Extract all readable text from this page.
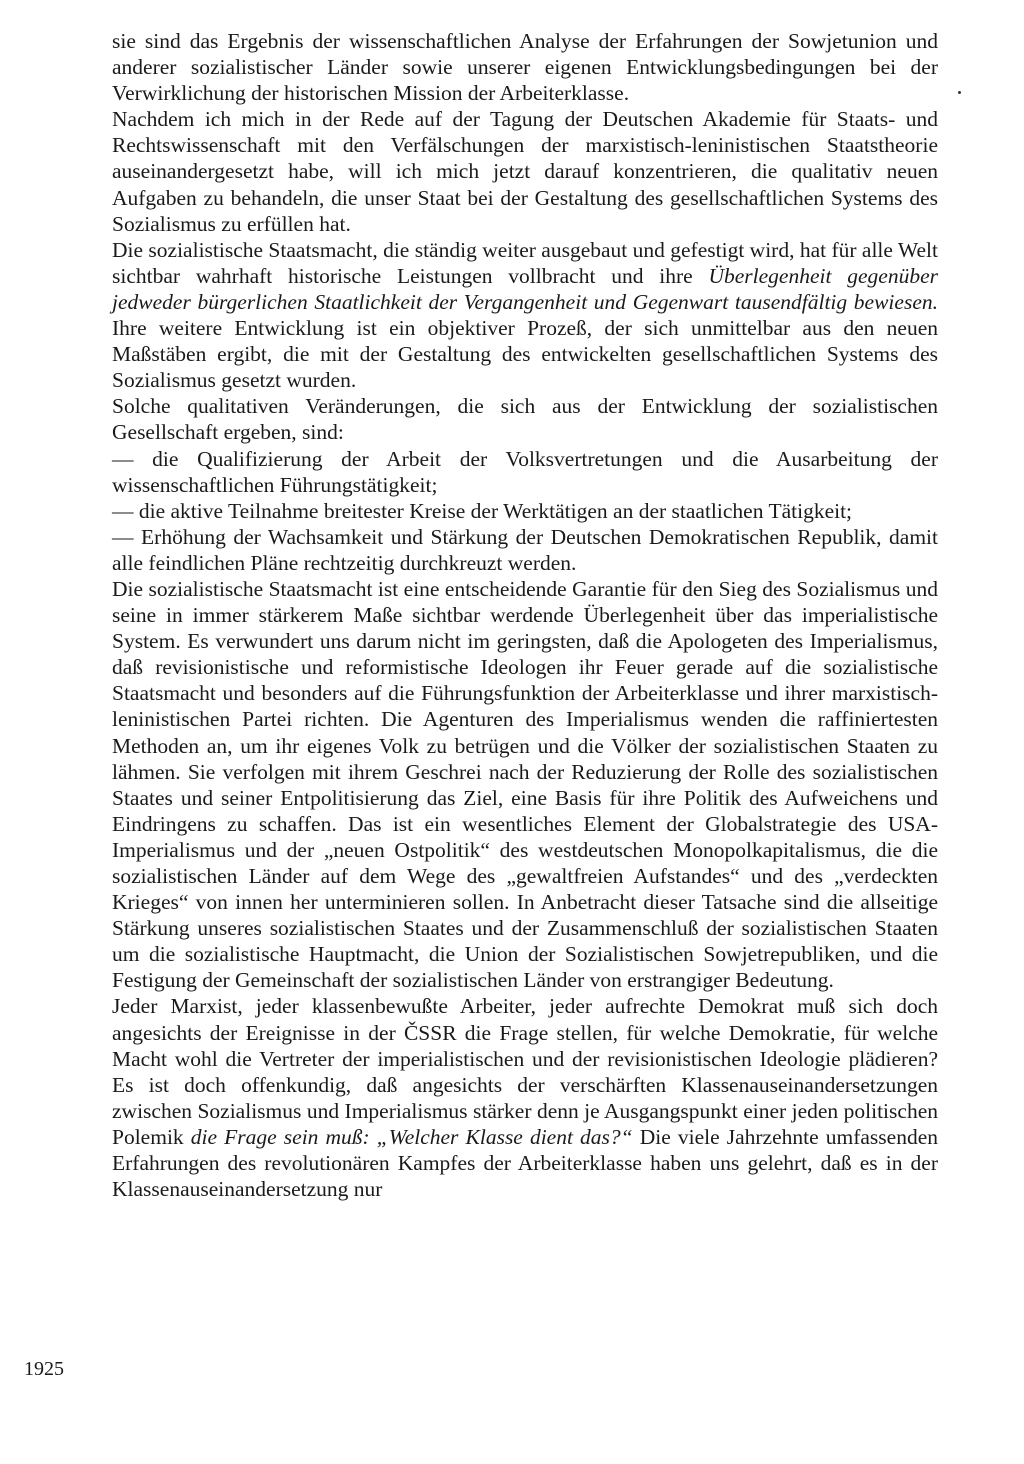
sie sind das Ergebnis der wissenschaftlichen Analyse der Erfahrungen der Sowjetunion und anderer sozialistischer Länder sowie unserer eigenen Entwicklungsbedingungen bei der Verwirklichung der historischen Mission der Arbeiterklasse.

Nachdem ich mich in der Rede auf der Tagung der Deutschen Akademie für Staats- und Rechtswissenschaft mit den Verfälschungen der marxistisch-leninistischen Staatstheorie auseinandergesetzt habe, will ich mich jetzt darauf konzentrieren, die qualitativ neuen Aufgaben zu behandeln, die unser Staat bei der Gestaltung des gesellschaftlichen Systems des Sozialismus zu erfüllen hat.

Die sozialistische Staatsmacht, die ständig weiter ausgebaut und gefestigt wird, hat für alle Welt sichtbar wahrhaft historische Leistungen vollbracht und ihre Überlegenheit gegenüber jedweder bürgerlichen Staatlichkeit der Vergangenheit und Gegenwart tausendfältig bewiesen. Ihre weitere Entwicklung ist ein objektiver Prozeß, der sich unmittelbar aus den neuen Maßstäben ergibt, die mit der Gestaltung des entwickelten gesellschaftlichen Systems des Sozialismus gesetzt wurden.

Solche qualitativen Veränderungen, die sich aus der Entwicklung der sozialistischen Gesellschaft ergeben, sind:

— die Qualifizierung der Arbeit der Volksvertretungen und die Ausarbeitung der wissenschaftlichen Führungstätigkeit;

— die aktive Teilnahme breitester Kreise der Werktätigen an der staatlichen Tätigkeit;

— Erhöhung der Wachsamkeit und Stärkung der Deutschen Demokratischen Republik, damit alle feindlichen Pläne rechtzeitig durchkreuzt werden.

Die sozialistische Staatsmacht ist eine entscheidende Garantie für den Sieg des Sozialismus und seine in immer stärkerem Maße sichtbar werdende Überlegenheit über das imperialistische System. Es verwundert uns darum nicht im geringsten, daß die Apologeten des Imperialismus, daß revisionistische und reformistische Ideologen ihr Feuer gerade auf die sozialistische Staatsmacht und besonders auf die Führungsfunktion der Arbeiterklasse und ihrer marxistisch-leninistischen Partei richten. Die Agenturen des Imperialismus wenden die raffiniertesten Methoden an, um ihr eigenes Volk zu betrügen und die Völker der sozialistischen Staaten zu lähmen. Sie verfolgen mit ihrem Geschrei nach der Reduzierung der Rolle des sozialistischen Staates und seiner Entpolitisierung das Ziel, eine Basis für ihre Politik des Aufweichens und Eindringens zu schaffen. Das ist ein wesentliches Element der Globalstrategie des USA-Imperialismus und der „neuen Ostpolitik“ des westdeutschen Monopolkapitalismus, die die sozialistischen Länder auf dem Wege des „gewaltfreien Aufstandes“ und des „verdeckten Krieges“ von innen her unterminieren sollen. In Anbetracht dieser Tatsache sind die allseitige Stärkung unseres sozialistischen Staates und der Zusammenschluß der sozialistischen Staaten um die sozialistische Hauptmacht, die Union der Sozialistischen Sowjetrepubliken, und die Festigung der Gemeinschaft der sozialistischen Länder von erstrangiger Bedeutung.

Jeder Marxist, jeder klassenbewußte Arbeiter, jeder aufrechte Demokrat muß sich doch angesichts der Ereignisse in der ČSSR die Frage stellen, für welche Demokratie, für welche Macht wohl die Vertreter der imperialistischen und der revisionistischen Ideologie plädieren? Es ist doch offenkundig, daß angesichts der verschärften Klassenauseinandersetzungen zwischen Sozialismus und Imperialismus stärker denn je Ausgangspunkt einer jeden politischen Polemik die Frage sein muß: „Welcher Klasse dient das?“ Die viele Jahrzehnte umfassenden Erfahrungen des revolutionären Kampfes der Arbeiterklasse haben uns gelehrt, daß es in der Klassenauseinandersetzung nur

1925
